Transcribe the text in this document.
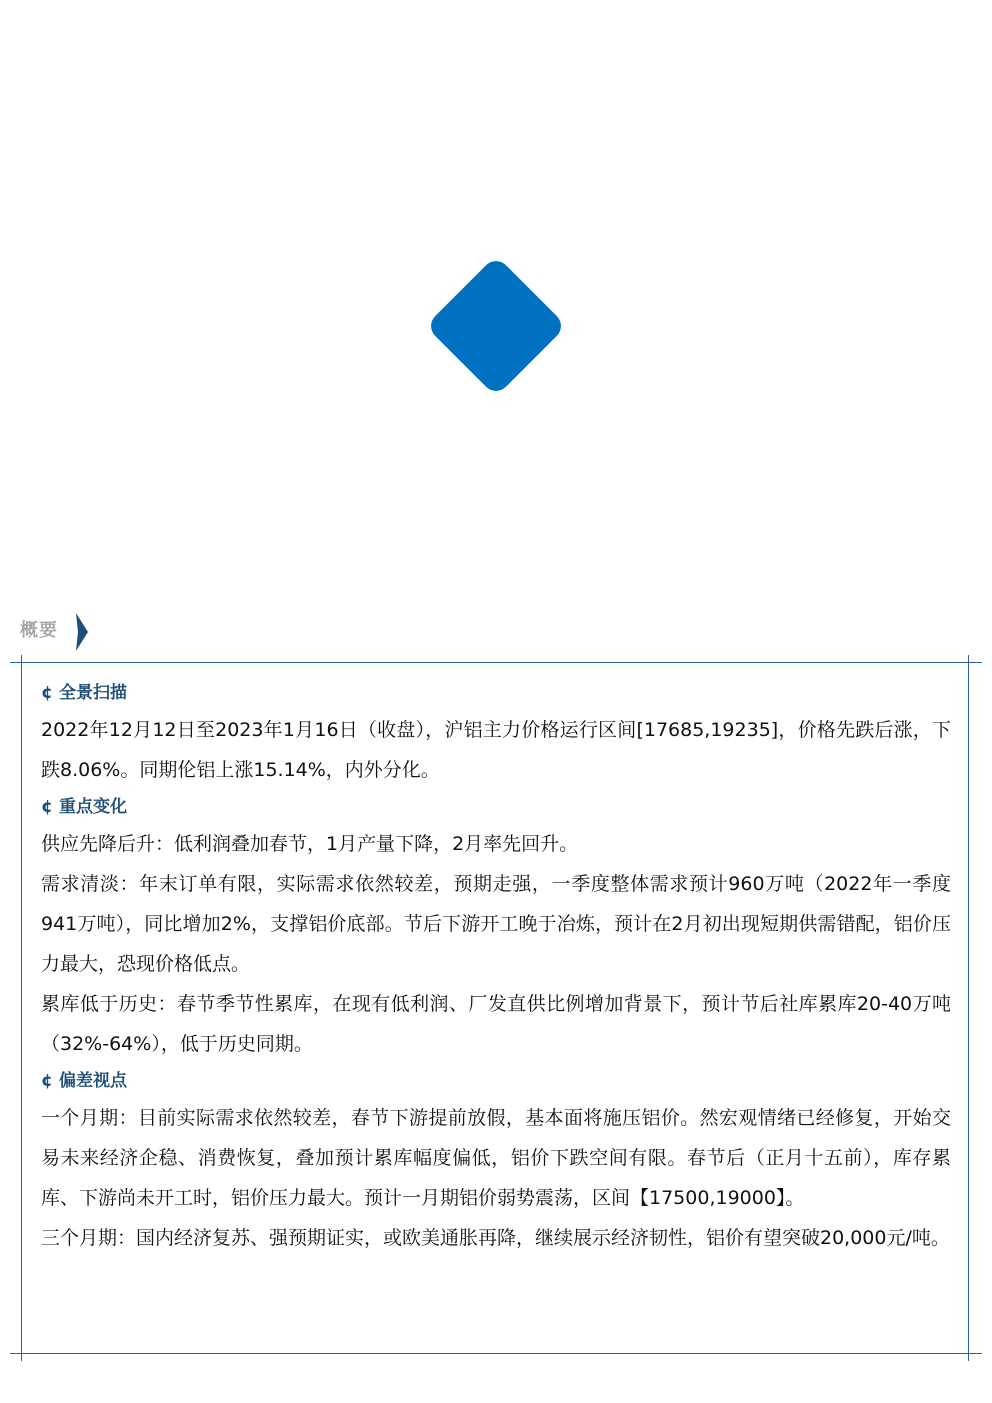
概要
¢ 全景扫描

2022年12月12日至2023年1月16日（收盘），沪铝主力价格运行区间[17685,19235]，价格先跌后涨，下跌8.06%。同期伦铝上涨15.14%，内外分化。

¢ 重点变化

供应先降后升：低利润叠加春节，1月产量下降，2月率先回升。

需求清淡：年末订单有限，实际需求依然较差，预期走强，一季度整体需求预计960万吨（2022年一季度941万吨），同比增加2%，支撑铝价底部。节后下游开工晚于冶炼，预计在2月初出现短期供需错配，铝价压力最大，恐现价格低点。

累库低于历史：春节季节性累库，在现有低利润、厂发直供比例增加背景下，预计节后社库累库20-40万吨（32%-64%），低于历史同期。

¢ 偏差视点

一个月期：目前实际需求依然较差，春节下游提前放假，基本面将施压铝价。然宏观情绪已经修复，开始交易未来经济企稳、消费恢复，叠加预计累库幅度偏低，铝价下跌空间有限。春节后（正月十五前），库存累库、下游尚未开工时，铝价压力最大。预计一月期铝价弱势震荡，区间【17500,19000】。

三个月期：国内经济复苏、强预期证实，或欧美通胀再降，继续展示经济韧性，铝价有望突破20,000元/吨。
